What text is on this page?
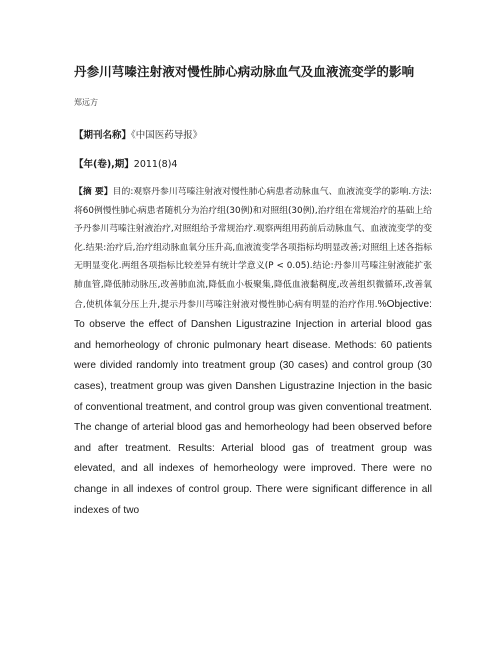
丹参川芎嗪注射液对慢性肺心病动脉血气及血液流变学的影响
郑远方
【期刊名称】《中国医药导报》
【年(卷),期】2011(8)4
【摘 要】目的:观察丹参川芎嗪注射液对慢性肺心病患者动脉血气、血液流变学的影响.方法:将60例慢性肺心病患者随机分为治疗组(30例)和对照组(30例),治疗组在常规治疗的基础上给予丹参川芎嗪注射液治疗,对照组给予常规治疗.观察两组用药前后动脉血气、血液流变学的变化.结果:治疗后,治疗组动脉血氧分压升高,血液流变学各项指标均明显改善;对照组上述各指标无明显变化.两组各项指标比较差异有统计学意义(P < 0.05).结论:丹参川芎嗪注射液能扩张肺血管,降低肺动脉压,改善肺血流,降低血小板聚集,降低血液黏稠度,改善组织微循环,改善氧合,使机体氧分压上升,提示丹参川芎嗪注射液对慢性肺心病有明显的治疗作用.%Objective: To observe the effect of Danshen Ligustrazine Injection in arterial blood gas and hemorheology of chronic pulmonary heart disease. Methods: 60 patients were divided randomly into treatment group (30 cases) and control group (30 cases), treatment group was given Danshen Ligustrazine Injection in the basic of conventional treatment, and control group was given conventional treatment. The change of arterial blood gas and hemorheology had been observed before and after treatment. Results: Arterial blood gas of treatment group was elevated, and all indexes of hemorheology were improved. There were no change in all indexes of control group. There were significant difference in all indexes of two
